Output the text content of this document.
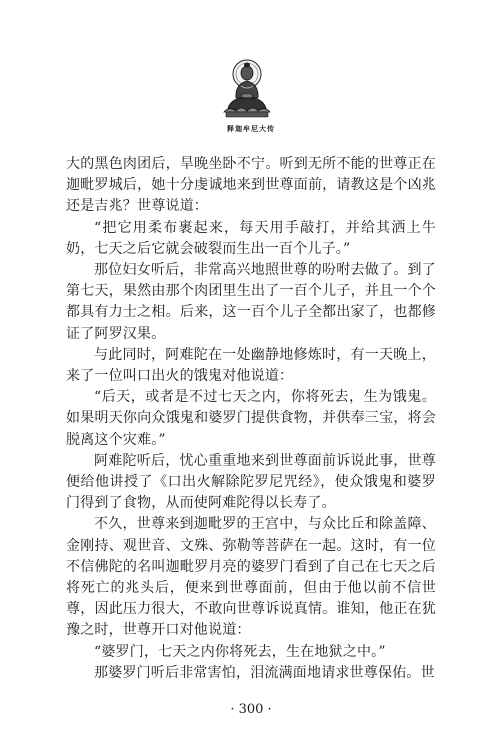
释迦牟尼大传

大的黑色肉团后，旱晚坐卧不宁。听到无所不能的世尊正在迦毗罗城后，她十分虔诚地来到世尊面前，请教这是个凶兆还是吉兆？世尊说道：

“把它用柔布裹起来，每天用手敲打，并给其洒上牛奶，七天之后它就会破裂而生出一百个儿子。”

那位妇女听后，非常高兴地照世尊的吩咐去做了。到了第七天，果然由那个肉团里生出了一百个儿子，并且一个个都具有力士之相。后来，这一百个儿子全都出家了，也都修证了阿罗汉果。

与此同时，阿难陀在一处幽静地修炼时，有一天晚上，来了一位叫口出火的饿鬼对他说道：

“后天，或者是不过七天之内，你将死去，生为饿鬼。如果明天你向众饿鬼和婆罗门提供食物，并供奉三宝，将会脱离这个灾难。”

阿难陀听后，忧心重重地来到世尊面前诉说此事，世尊便给他讲授了《口出火解除陀罗尼咒经》，使众饿鬼和婆罗门得到了食物，从而使阿难陀得以长寿了。

不久，世尊来到迦毗罗的王宫中，与众比丘和除盖障、金刚持、观世音、文殊、弥勒等菩萨在一起。这时，有一位不信佛陀的名叫迦毗罗月亮的婆罗门看到了自己在七天之后将死亡的兆头后，便来到世尊面前，但由于他以前不信世尊，因此压力很大，不敢向世尊诉说真情。谁知，他正在犹豫之时，世尊开口对他说道：

“婆罗门，七天之内你将死去，生在地狱之中。”

那婆罗门听后非常害怕，泪流满面地请求世尊保佑。世

· 300 ·
